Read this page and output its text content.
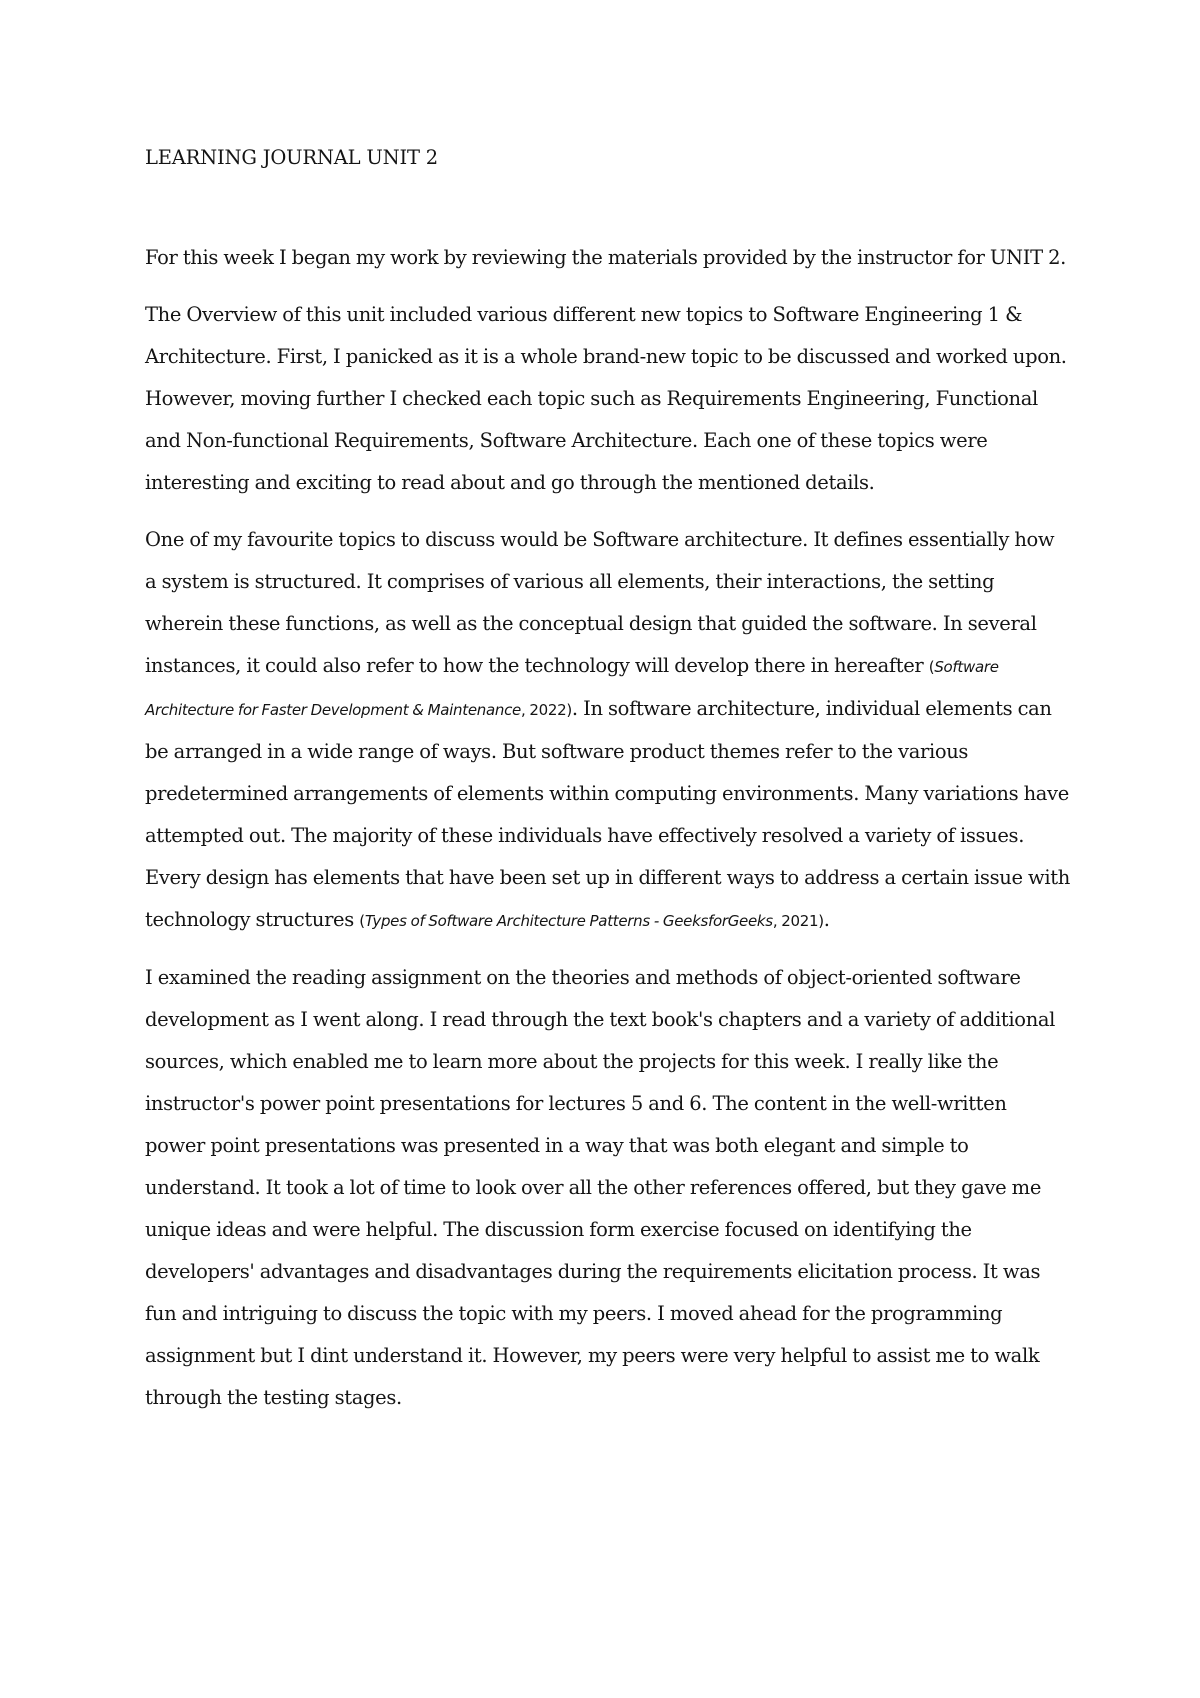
LEARNING JOURNAL UNIT 2

For this week I began my work by reviewing the materials provided by the instructor for UNIT 2.

The Overview of this unit included various different new topics to Software Engineering 1 & Architecture. First, I panicked as it is a whole brand-new topic to be discussed and worked upon. However, moving further I checked each topic such as Requirements Engineering, Functional and Non-functional Requirements, Software Architecture. Each one of these topics were interesting and exciting to read about and go through the mentioned details.

One of my favourite topics to discuss would be Software architecture. It defines essentially how a system is structured. It comprises of various all elements, their interactions, the setting wherein these functions, as well as the conceptual design that guided the software. In several instances, it could also refer to how the technology will develop there in hereafter (Software Architecture for Faster Development & Maintenance, 2022). In software architecture, individual elements can be arranged in a wide range of ways. But software product themes refer to the various predetermined arrangements of elements within computing environments. Many variations have attempted out. The majority of these individuals have effectively resolved a variety of issues. Every design has elements that have been set up in different ways to address a certain issue with technology structures (Types of Software Architecture Patterns - GeeksforGeeks, 2021).

I examined the reading assignment on the theories and methods of object-oriented software development as I went along. I read through the text book's chapters and a variety of additional sources, which enabled me to learn more about the projects for this week. I really like the instructor's power point presentations for lectures 5 and 6. The content in the well-written power point presentations was presented in a way that was both elegant and simple to understand. It took a lot of time to look over all the other references offered, but they gave me unique ideas and were helpful. The discussion form exercise focused on identifying the developers' advantages and disadvantages during the requirements elicitation process. It was fun and intriguing to discuss the topic with my peers. I moved ahead for the programming assignment but I dint understand it. However, my peers were very helpful to assist me to walk through the testing stages.
